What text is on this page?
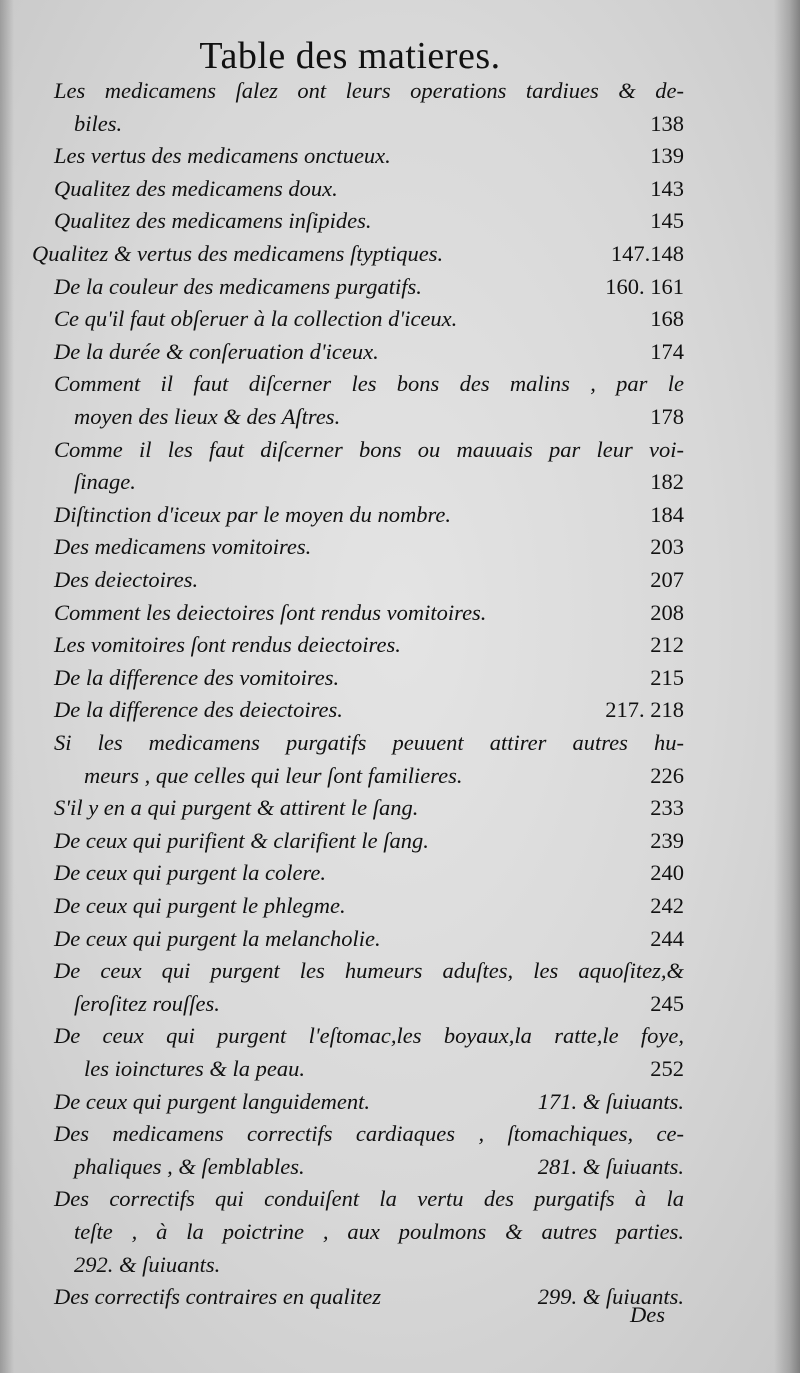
Table des matieres.
Les medicamens ſalez ont leurs operations tardiues & de-
biles.	138
Les vertus des medicamens onctueux.	139
Qualitez des medicamens doux.	143
Qualitez des medicamens inſipides.	145
Qualitez & vertus des medicamens ſtyptiques.	147.148
De la couleur des medicamens purgatifs.	160. 161
Ce qu'il faut obſeruer à la collection d'iceux.	168
De la durée & conſeruation d'iceux.	174
Comment il faut diſcerner les bons des malins , par le
moyen des lieux & des Aſtres.	178
Comme il les faut diſcerner bons ou mauuais par leur voi-
ſinage.	182
Diſtinction d'iceux par le moyen du nombre.	184
Des medicamens vomitoires.	203
Des deiectoires.	207
Comment les deiectoires ſont rendus vomitoires.	208
Les vomitoires ſont rendus deiectoires.	212
De la difference des vomitoires.	215
De la difference des deiectoires.	217. 218
Si les medicamens purgatifs peuuent attirer autres hu-
meurs , que celles qui leur ſont familieres.	226
S'il y en a qui purgent & attirent le ſang.	233
De ceux qui purifient & clarifient le ſang.	239
De ceux qui purgent la colere.	240
De ceux qui purgent le phlegme.	242
De ceux qui purgent la melancholie.	244
De ceux qui purgent les humeurs aduſtes, les aquoſitez,&
ſeroſitez rouſſes.	245
De ceux qui purgent l'eſtomac,les boyaux,la ratte,le foye,
les ioinctures & la peau.	252
De ceux qui purgent languidement.	171. & ſuiuants.
Des medicamens correctifs cardiaques , ſtomachiques, ce-
phaliques , & ſemblables.	281. & ſuiuants.
Des correctifs qui conduiſent la vertu des purgatifs à la
teſte , à la poictrine , aux poulmons & autres parties.
292. & ſuiuants.
Des correctifs contraires en qualitez	299. & ſuiuants.
Des
